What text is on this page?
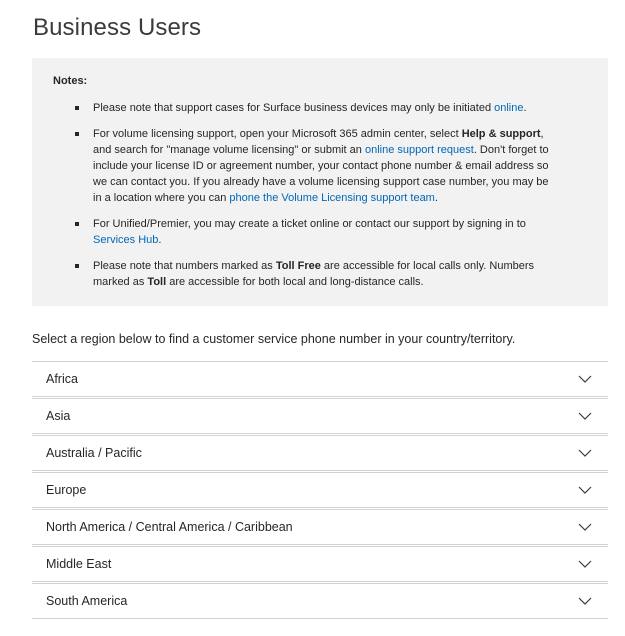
Business Users

Notes:

Please note that support cases for Surface business devices may only be initiated online.
For volume licensing support, open your Microsoft 365 admin center, select Help & support, and search for "manage volume licensing" or submit an online support request. Don't forget to include your license ID or agreement number, your contact phone number & email address so we can contact you. If you already have a volume licensing support case number, you may be in a location where you can phone the Volume Licensing support team.
For Unified/Premier, you may create a ticket online or contact our support by signing in to Services Hub.
Please note that numbers marked as Toll Free are accessible for local calls only. Numbers marked as Toll are accessible for both local and long-distance calls.
Select a region below to find a customer service phone number in your country/territory.
Africa
Asia
Australia / Pacific
Europe
North America / Central America / Caribbean
Middle East
South America
